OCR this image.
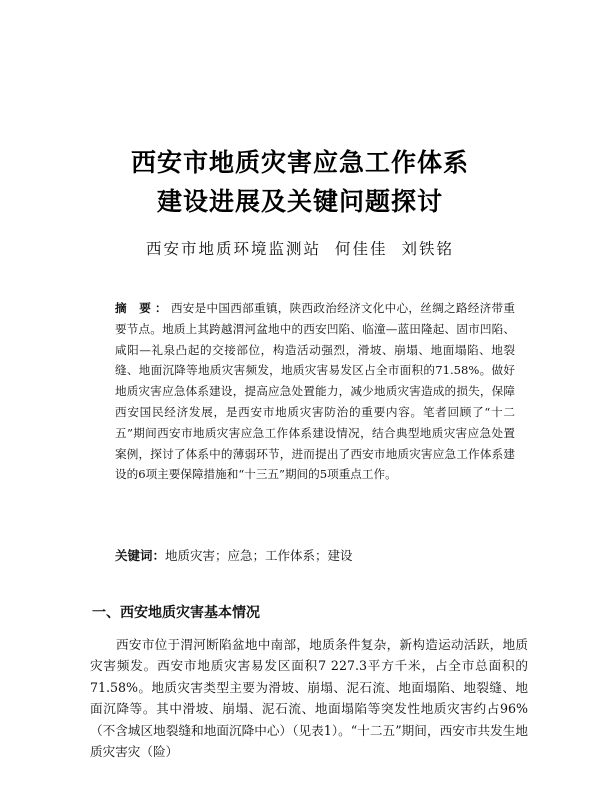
西安市地质灾害应急工作体系
建设进展及关键问题探讨
西安市地质环境监测站 何佳佳 刘铁铭
摘 要：西安是中国西部重镇，陕西政治经济文化中心，丝绸之路经济带重要节点。地质上其跨越渭河盆地中的西安凹陷、临潼—蓝田隆起、固市凹陷、咸阳—礼泉凸起的交接部位，构造活动强烈，滑坡、崩塌、地面塌陷、地裂缝、地面沉降等地质灾害频发，地质灾害易发区占全市面积的71.58%。做好地质灾害应急体系建设，提高应急处置能力，减少地质灾害造成的损失，保障西安国民经济发展，是西安市地质灾害防治的重要内容。笔者回顾了“十二五”期间西安市地质灾害应急工作体系建设情况，结合典型地质灾害应急处置案例，探讨了体系中的薄弱环节，进而提出了西安市地质灾害应急工作体系建设的6项主要保障措施和“十三五”期间的5项重点工作。
关键词：地质灾害；应急；工作体系；建设
一、西安地质灾害基本情况

西安市位于渭河断陷盆地中南部，地质条件复杂，新构造运动活跃，地质灾害频发。西安市地质灾害易发区面积7 227.3平方千米，占全市总面积的71.58%。地质灾害类型主要为滑坡、崩塌、泥石流、地面塌陷、地裂缝、地面沉降等。其中滑坡、崩塌、泥石流、地面塌陷等突发性地质灾害约占96%（不含城区地裂缝和地面沉降中心）（见表1）。“十二五”期间，西安市共发生地质灾害灾（险）
